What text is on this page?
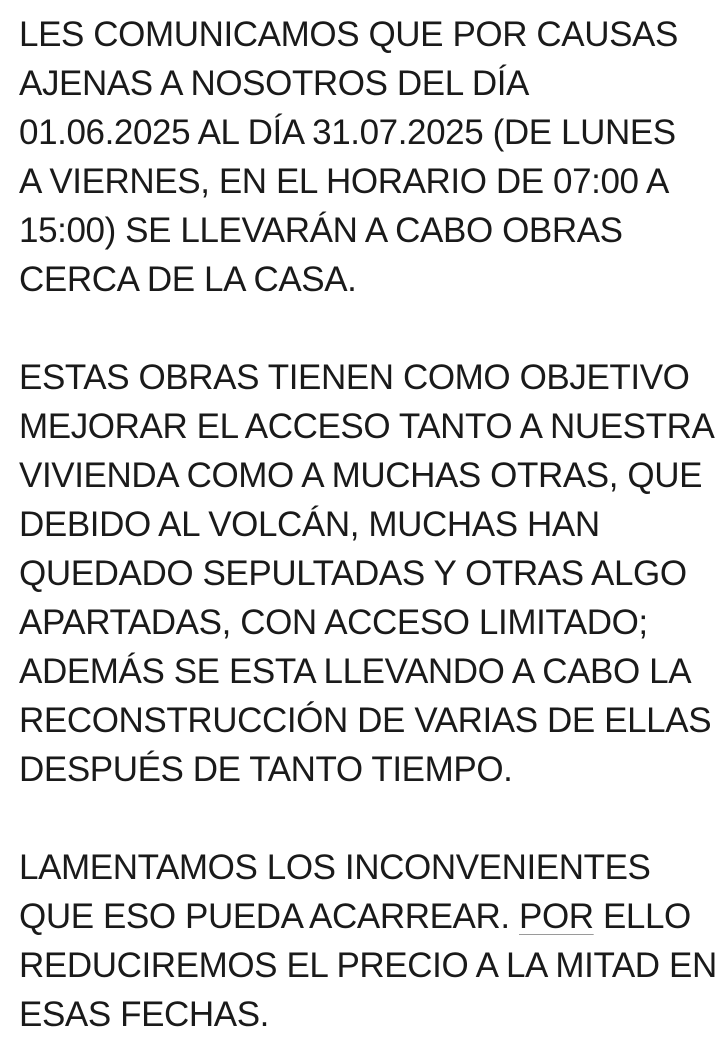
LES COMUNICAMOS QUE POR CAUSAS
AJENAS A NOSOTROS DEL DÍA
01.06.2025 AL DÍA 31.07.2025 (DE LUNES
A VIERNES, EN EL HORARIO DE 07:00 A
15:00) SE LLEVARÁN A CABO OBRAS
CERCA DE LA CASA.

ESTAS OBRAS TIENEN COMO OBJETIVO
MEJORAR EL ACCESO TANTO A NUESTRA
VIVIENDA COMO A MUCHAS OTRAS, QUE
DEBIDO AL VOLCÁN, MUCHAS HAN
QUEDADO SEPULTADAS Y OTRAS ALGO
APARTADAS, CON ACCESO LIMITADO;
ADEMÁS SE ESTA LLEVANDO A CABO LA
RECONSTRUCCIÓN DE VARIAS DE ELLAS
DESPUÉS DE TANTO TIEMPO.

LAMENTAMOS LOS INCONVENIENTES
QUE ESO PUEDA ACARREAR. POR ELLO
REDUCIREMOS EL PRECIO A LA MITAD EN
ESAS FECHAS.
